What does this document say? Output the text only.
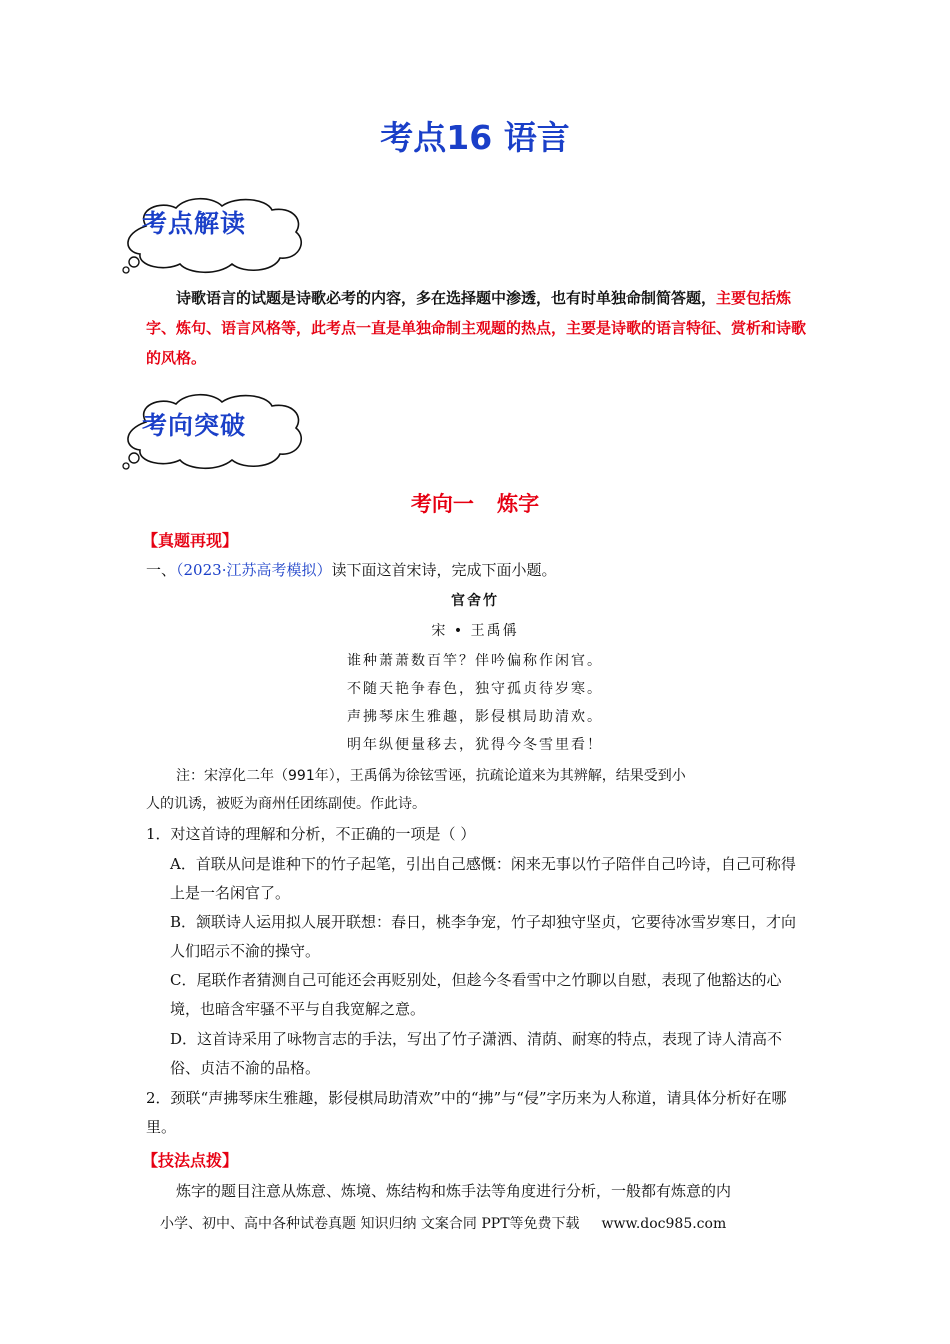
考点16 语言
考点解读
诗歌语言的试题是诗歌必考的内容，多在选择题中渗透，也有时单独命制简答题，主要包括炼字、炼句、语言风格等，此考点一直是单独命制主观题的热点，主要是诗歌的语言特征、赏析和诗歌的风格。
考向突破
考向一 炼字
【真题再现】
一、（2023·江苏高考模拟）读下面这首宋诗，完成下面小题。
官舍竹
宋 • 王禹偁
谁种萧萧数百竿？伴吟偏称作闲官。
不随天艳争春色，独守孤贞待岁寒。
声拂琴床生雅趣，影侵棋局助清欢。
明年纵便量移去，犹得今冬雪里看！
注：宋淳化二年（991年），王禹偁为徐铉雪诬，抗疏论道来为其辨解，结果受到小
人的讥诱，被贬为商州任团练副使。作此诗。
1．对这首诗的理解和分析，不正确的一项是（ ）
A．首联从问是谁种下的竹子起笔，引出自己感慨：闲来无事以竹子陪伴自己吟诗，自己可称得上是一名闲官了。
B．颔联诗人运用拟人展开联想：春日，桃李争宠，竹子却独守坚贞，它要待冰雪岁寒日，才向人们昭示不渝的操守。
C．尾联作者猜测自己可能还会再贬别处，但趁今冬看雪中之竹聊以自慰，表现了他豁达的心境，也暗含牢骚不平与自我宽解之意。
D．这首诗采用了咏物言志的手法，写出了竹子潇洒、清荫、耐寒的特点，表现了诗人清高不俗、贞洁不渝的品格。
2．颈联“声拂琴床生雅趣，影侵棋局助清欢”中的“拂”与“侵”字历来为人称道，请具体分析好在哪里。
【技法点拨】
炼字的题目注意从炼意、炼境、炼结构和炼手法等角度进行分析，一般都有炼意的内
小学、初中、高中各种试卷真题 知识归纳 文案合同 PPT等免费下载 www.doc985.com
